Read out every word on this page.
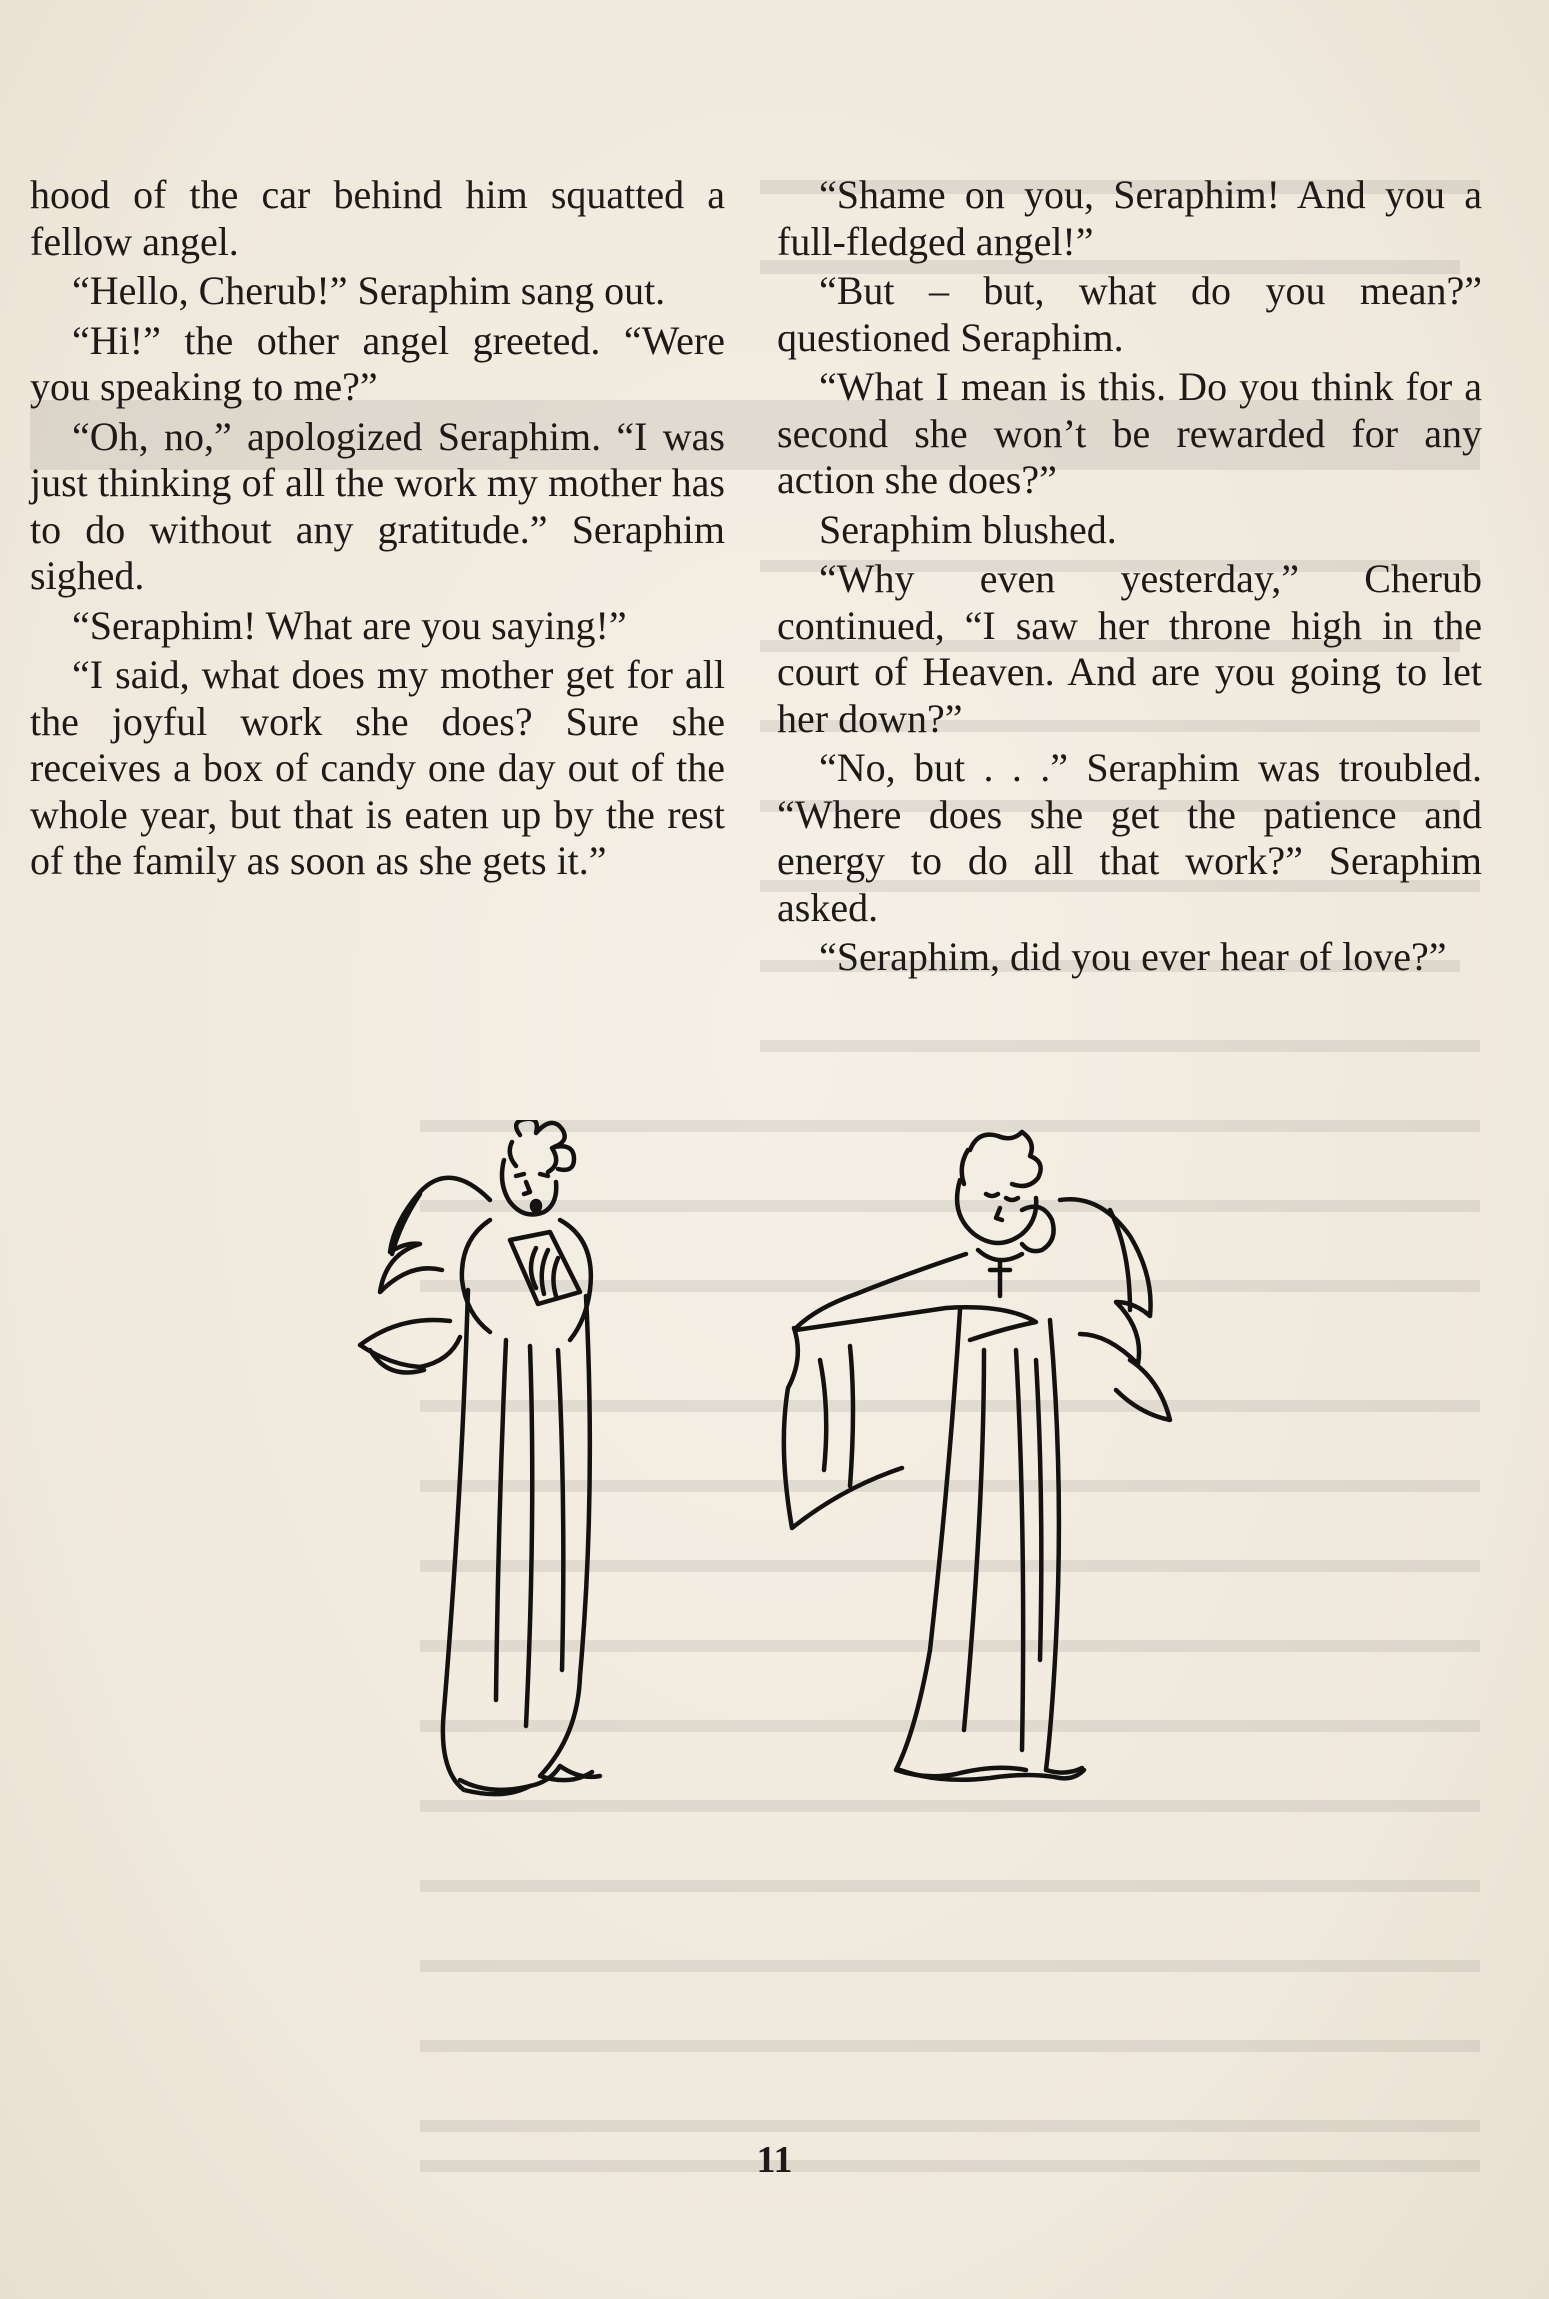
hood of the car behind him squatted a fellow angel.

“Hello, Cherub!” Seraphim sang out.

“Hi!” the other angel greeted. “Were you speaking to me?”

“Oh, no,” apologized Seraphim. “I was just thinking of all the work my mother has to do without any gratitude.” Seraphim sighed.

“Seraphim! What are you saying!”

“I said, what does my mother get for all the joyful work she does? Sure she receives a box of candy one day out of the whole year, but that is eaten up by the rest of the family as soon as she gets it.”

“Shame on you, Seraphim! And you a full-fledged angel!”

“But – but, what do you mean?” questioned Seraphim.

“What I mean is this. Do you think for a second she won’t be rewarded for any action she does?”

Seraphim blushed.

“Why even yesterday,” Cherub continued, “I saw her throne high in the court of Heaven. And are you going to let her down?”

“No, but . . .” Seraphim was troubled. “Where does she get the patience and energy to do all that work?” Seraphim asked.

“Seraphim, did you ever hear of love?”

11
